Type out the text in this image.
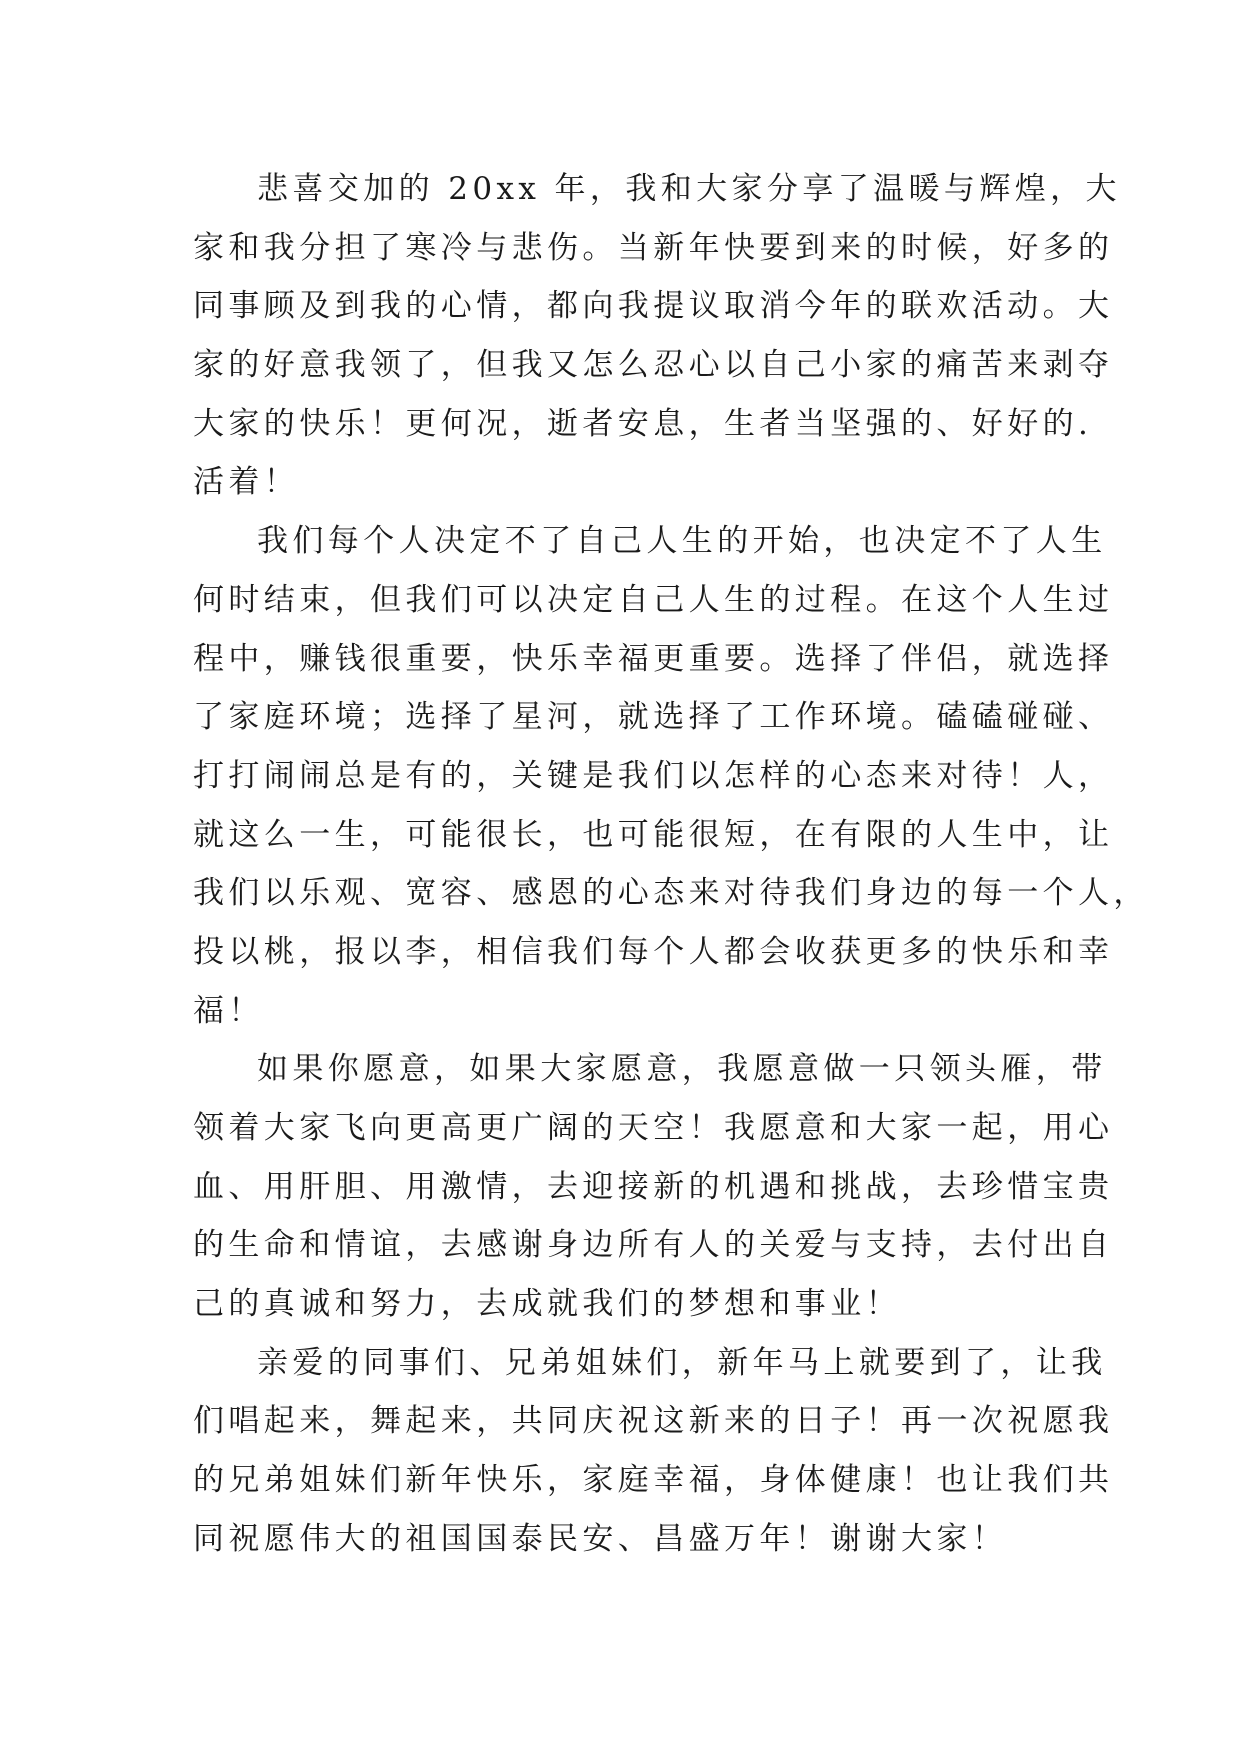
悲喜交加的 20xx 年，我和大家分享了温暖与辉煌，大
家和我分担了寒冷与悲伤。当新年快要到来的时候，好多的
同事顾及到我的心情，都向我提议取消今年的联欢活动。大
家的好意我领了，但我又怎么忍心以自己小家的痛苦来剥夺
大家的快乐！更何况，逝者安息，生者当坚强的、好好的.
活着！
我们每个人决定不了自己人生的开始，也决定不了人生
何时结束，但我们可以决定自己人生的过程。在这个人生过
程中，赚钱很重要，快乐幸福更重要。选择了伴侣，就选择
了家庭环境；选择了星河，就选择了工作环境。磕磕碰碰、
打打闹闹总是有的，关键是我们以怎样的心态来对待！人，
就这么一生，可能很长，也可能很短，在有限的人生中，让
我们以乐观、宽容、感恩的心态来对待我们身边的每一个人，
投以桃，报以李，相信我们每个人都会收获更多的快乐和幸
福！
如果你愿意，如果大家愿意，我愿意做一只领头雁，带
领着大家飞向更高更广阔的天空！我愿意和大家一起，用心
血、用肝胆、用激情，去迎接新的机遇和挑战，去珍惜宝贵
的生命和情谊，去感谢身边所有人的关爱与支持，去付出自
己的真诚和努力，去成就我们的梦想和事业！
亲爱的同事们、兄弟姐妹们，新年马上就要到了，让我
们唱起来，舞起来，共同庆祝这新来的日子！再一次祝愿我
的兄弟姐妹们新年快乐，家庭幸福，身体健康！也让我们共
同祝愿伟大的祖国国泰民安、昌盛万年！谢谢大家！
